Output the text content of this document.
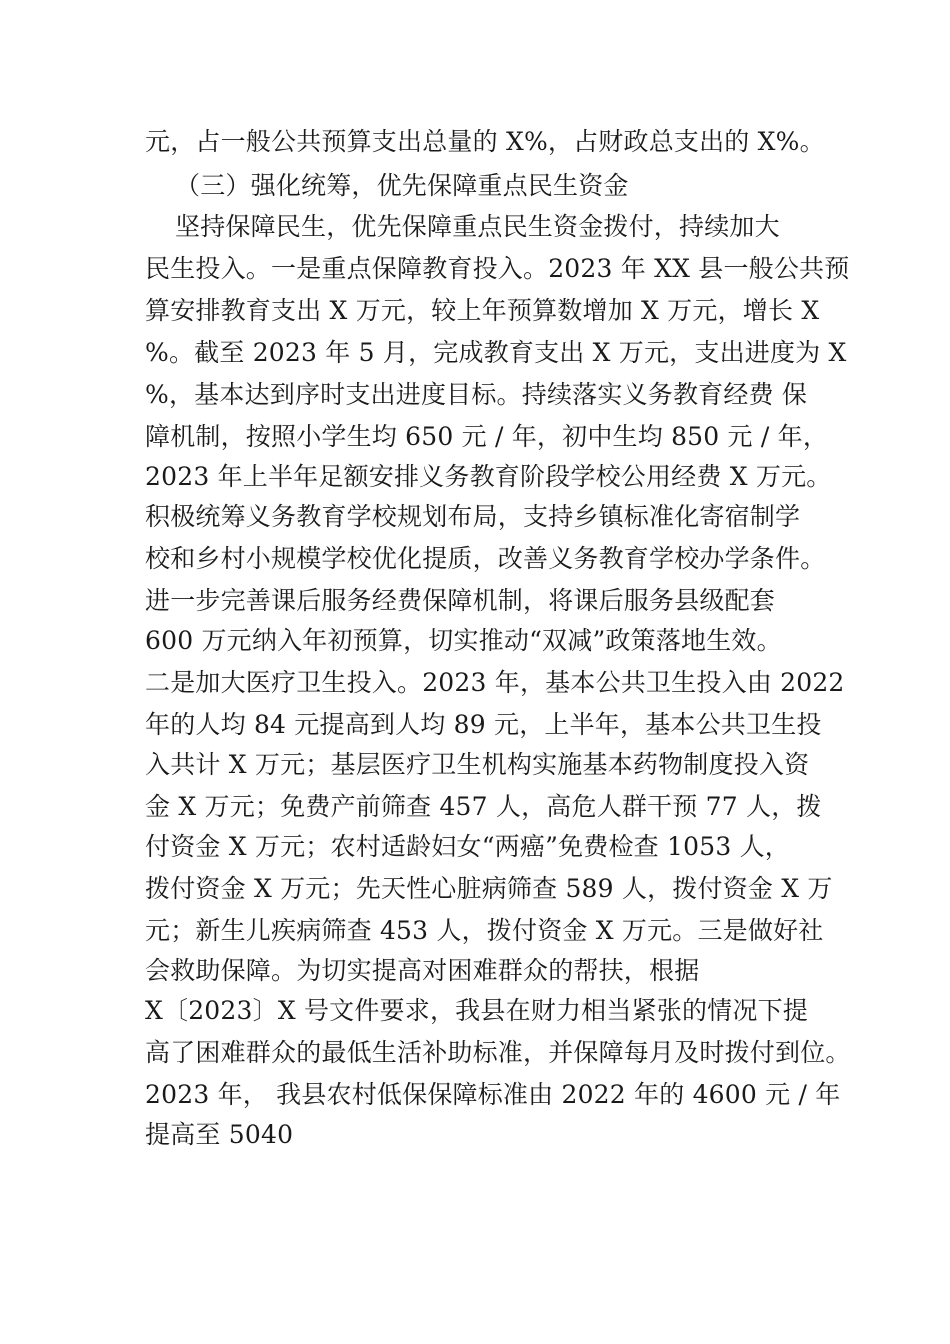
元，占一般公共预算支出总量的 X%，占财政总支出的 X%。
（三）强化统筹，优先保障重点民生资金
坚持保障民生，优先保障重点民生资金拨付，持续加大
民生投入。一是重点保障教育投入。2023 年 XX 县一般公共预
算安排教育支出 X 万元，较上年预算数增加 X 万元，增长 X
%。截至 2023 年 5 月，完成教育支出 X 万元，支出进度为 X
%，基本达到序时支出进度目标。持续落实义务教育经费 保
障机制，按照小学生均 650 元 / 年，初中生均 850 元 / 年，
2023 年上半年足额安排义务教育阶段学校公用经费 X 万元。
积极统筹义务教育学校规划布局，支持乡镇标准化寄宿制学
校和乡村小规模学校优化提质，改善义务教育学校办学条件。
进一步完善课后服务经费保障机制，将课后服务县级配套
600 万元纳入年初预算，切实推动“双减”政策落地生效。
二是加大医疗卫生投入。2023 年，基本公共卫生投入由 2022
年的人均 84 元提高到人均 89 元，上半年，基本公共卫生投
入共计 X 万元；基层医疗卫生机构实施基本药物制度投入资
金 X 万元；免费产前筛查 457 人，高危人群干预 77 人，拨
付资金 X 万元；农村适龄妇女“两癌”免费检查 1053 人，
拨付资金 X 万元；先天性心脏病筛查 589 人，拨付资金 X 万
元；新生儿疾病筛查 453 人，拨付资金 X 万元。三是做好社
会救助保障。为切实提高对困难群众的帮扶，根据
X〔2023〕X 号文件要求，我县在财力相当紧张的情况下提
高了困难群众的最低生活补助标准，并保障每月及时拨付到位。
2023 年， 我县农村低保保障标准由 2022 年的 4600 元 / 年
提高至 5040
